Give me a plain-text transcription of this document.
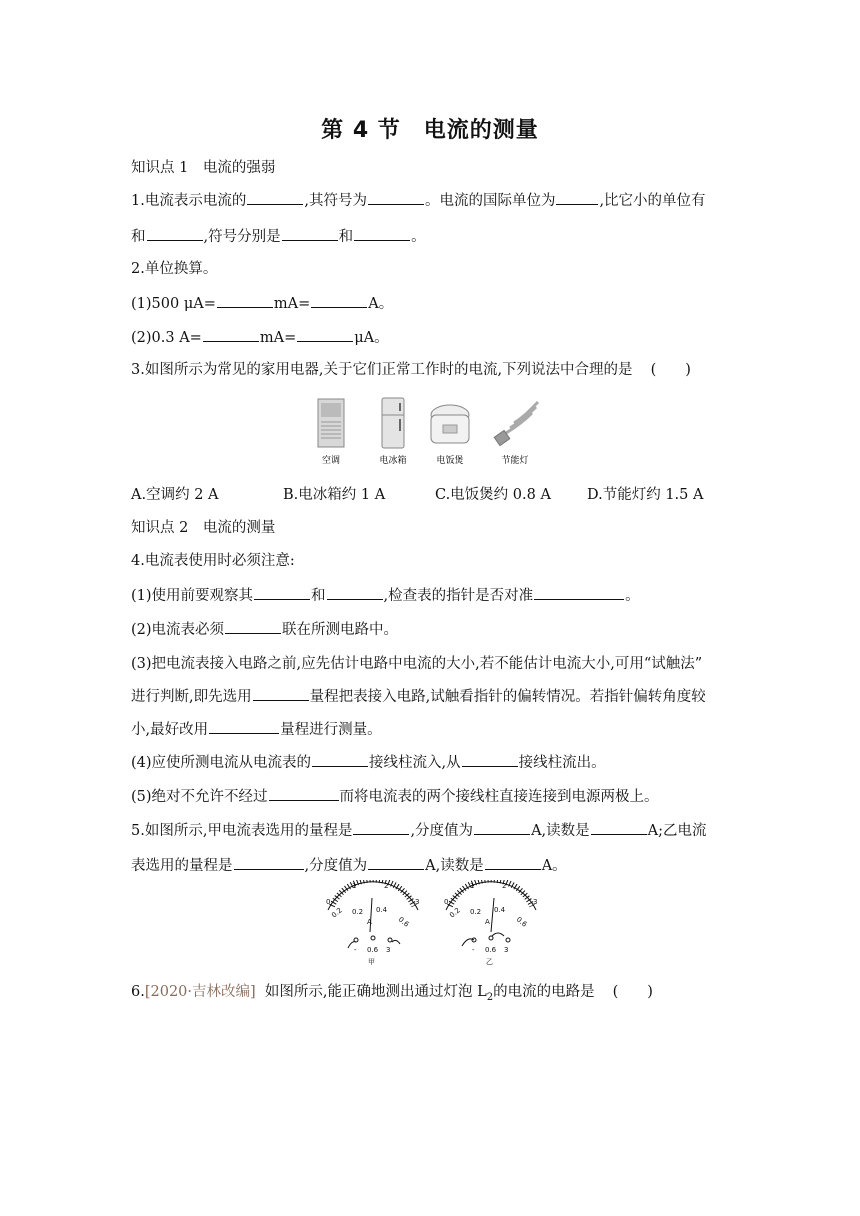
第 4 节　电流的测量
知识点 1　电流的强弱
1.电流表示电流的	,其符号为	。电流的国际单位为	,比它小的单位有
和	,符号分别是	和	。
2.单位换算。
(1)500 μA=	mA=	A。
(2)0.3 A=	mA=	μA。
3.如图所示为常见的家用电器,关于它们正常工作时的电流,下列说法中合理的是 (　　)
空调	电冰箱	电饭煲	节能灯
A.空调约 2 A	B.电冰箱约 1 A	C.电饭煲约 0.8 A D.节能灯约 1.5 A
知识点 2　电流的测量
4.电流表使用时必须注意:
(1)使用前要观察其	和	,检查表的指针是否对准	。
(2)电流表必须	联在所测电路中。
(3)把电流表接入电路之前,应先估计电路中电流的大小,若不能估计电流大小,可用“试触法”
进行判断,即先选用	量程把表接入电路,试触看指针的偏转情况。若指针偏转角度较
小,最好改用	量程进行测量。
(4)应使所测电流从电流表的	接线柱流入,从	接线柱流出。
(5)绝对不允许不经过	而将电流表的两个接线柱直接连接到电源两极上。
5.如图所示,甲电流表选用的量程是	,分度值为	A,读数是	A;乙电流
表选用的量程是	,分度值为	A,读数是	A。
0
1	2
3
0.2 0.2 0.4
0.6
A
- 0.6 3
甲
0
1	2
3
0.2 0.2 0.4
0.6
A
- 0.6 3
乙
6.[2020·吉林改编] 如图所示,能正确地测出通过灯泡 $L_2$的电流的电路是 (　　)
